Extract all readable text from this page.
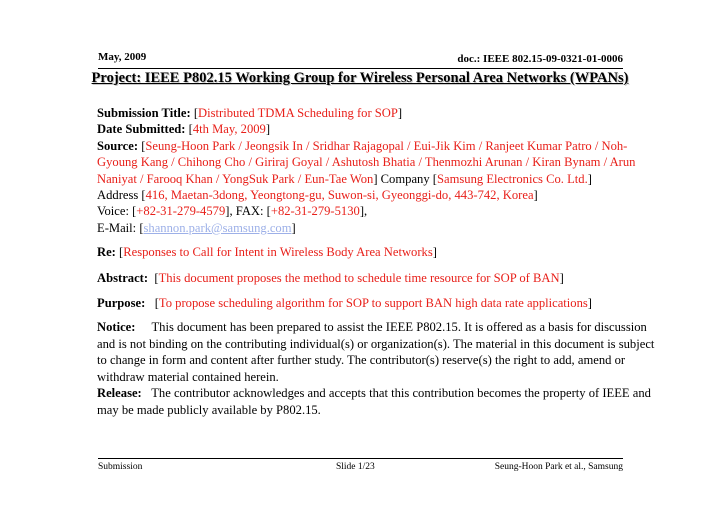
May, 2009	doc.: IEEE 802.15-09-0321-01-0006
Project: IEEE P802.15 Working Group for Wireless Personal Area Networks (WPANs)

Submission Title: [Distributed TDMA Scheduling for SOP]

Date Submitted: [4th May, 2009]

Source: [Seung-Hoon Park / Jeongsik In / Sridhar Rajagopal / Eui-Jik Kim / Ranjeet Kumar Patro / Noh-Gyoung Kang / Chihong Cho / Giriraj Goyal / Ashutosh Bhatia / Thenmozhi Arunan / Kiran Bynam / Arun Naniyat / Farooq Khan / YongSuk Park / Eun-Tae Won] Company [Samsung Electronics Co. Ltd.]

Address [416, Maetan-3dong, Yeongtong-gu, Suwon-si, Gyeonggi-do, 443-742, Korea]

Voice: [+82-31-279-4579], FAX: [+82-31-279-5130],

E-Mail: [shannon.park@samsung.com]

Re: [Responses to Call for Intent in Wireless Body Area Networks]

Abstract:  [This document proposes the method to schedule time resource for SOP of BAN]

Purpose:   [To propose scheduling algorithm for SOP to support BAN high data rate applications]

Notice: This document has been prepared to assist the IEEE P802.15. It is offered as a basis for discussion and is not binding on the contributing individual(s) or organization(s). The material in this document is subject to change in form and content after further study. The contributor(s) reserve(s) the right to add, amend or withdraw material contained herein.

Release: The contributor acknowledges and accepts that this contribution becomes the property of IEEE and may be made publicly available by P802.15.

Submission	Slide 1/23	Seung-Hoon Park et al., Samsung
